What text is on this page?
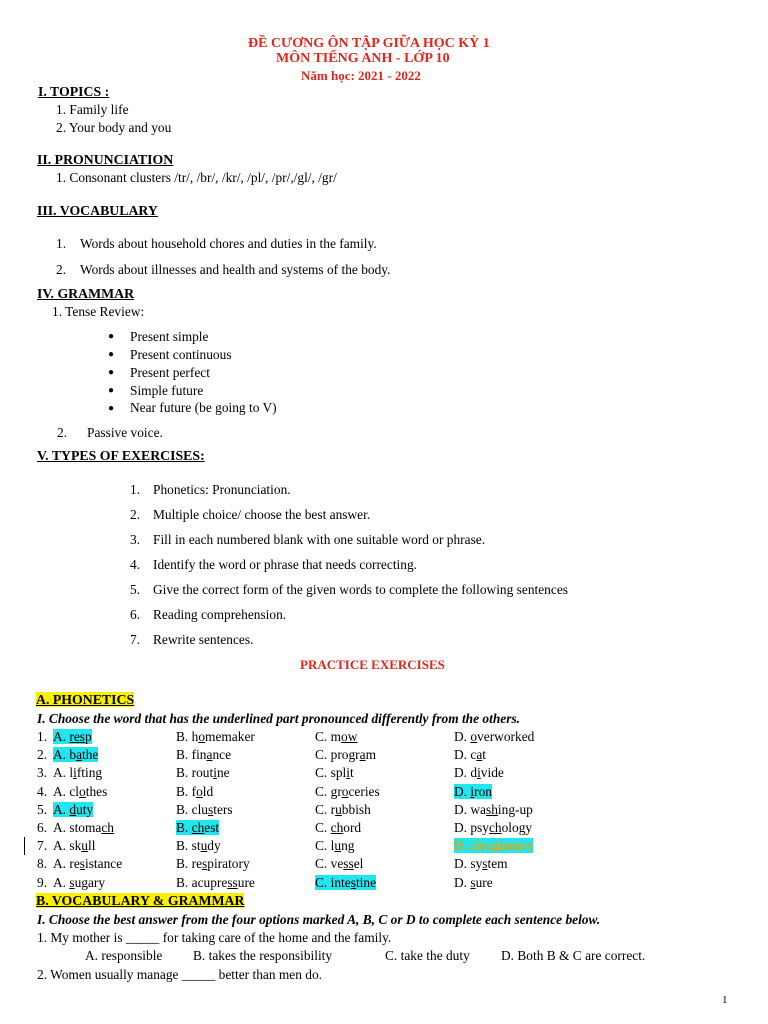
ĐỀ CƯƠNG ÔN TẬP GIỮA HỌC KỲ 1
MÔN TIẾNG ANH - LỚP 10
Năm học: 2021 - 2022
I. TOPICS :
1. Family life
2. Your body and you
II. PRONUNCIATION
1. Consonant clusters /tr/, /br/, /kr/, /pl/, /pr/,/gl/, /gr/
III. VOCABULARY
1. Words about household chores and duties in the family.
2. Words about illnesses and health and systems of the body.
IV. GRAMMAR
1. Tense Review:
● Present simple
● Present continuous
● Present perfect
● Simple future
● Near future (be going to V)
2. Passive voice.
V. TYPES OF EXERCISES:
1. Phonetics: Pronunciation.
2. Multiple choice/ choose the best answer.
3. Fill in each numbered blank with one suitable word or phrase.
4. Identify the word or phrase that needs correcting.
5. Give the correct form of the given words to complete the following sentences
6. Reading comprehension.
7. Rewrite sentences.
PRACTICE EXERCISES
A. PHONETICS
I. Choose the word that has the underlined part pronounced differently from the others.
1. A. resp	B. homemaker	C. mow	D. overworked
2. A. bathe	B. finance	C. program	D. cat
3. A. lifting	B. routine	C. split	D. divide
4. A. clothes	B. fold	C. groceries	D. iron
5. A. duty	B. clusters	C. rubbish	D. washing-up
6. A. stomach	B. chest	C. chord	D. psychology
7. A. skull	B. study	C. lung	D. circulatory
8. A. resistance	B. respiratory	C. vessel	D. system
9. A. sugary	B. acupressure	C. intestine	D. sure
B. VOCABULARY & GRAMMAR
I. Choose the best answer from the four options marked A, B, C or D to complete each sentence below.
1. My mother is _____ for taking care of the home and the family.
A. responsible B. takes the responsibility	C. take the duty D. Both B & C are correct.
2. Women usually manage _____ better than men do.
1
